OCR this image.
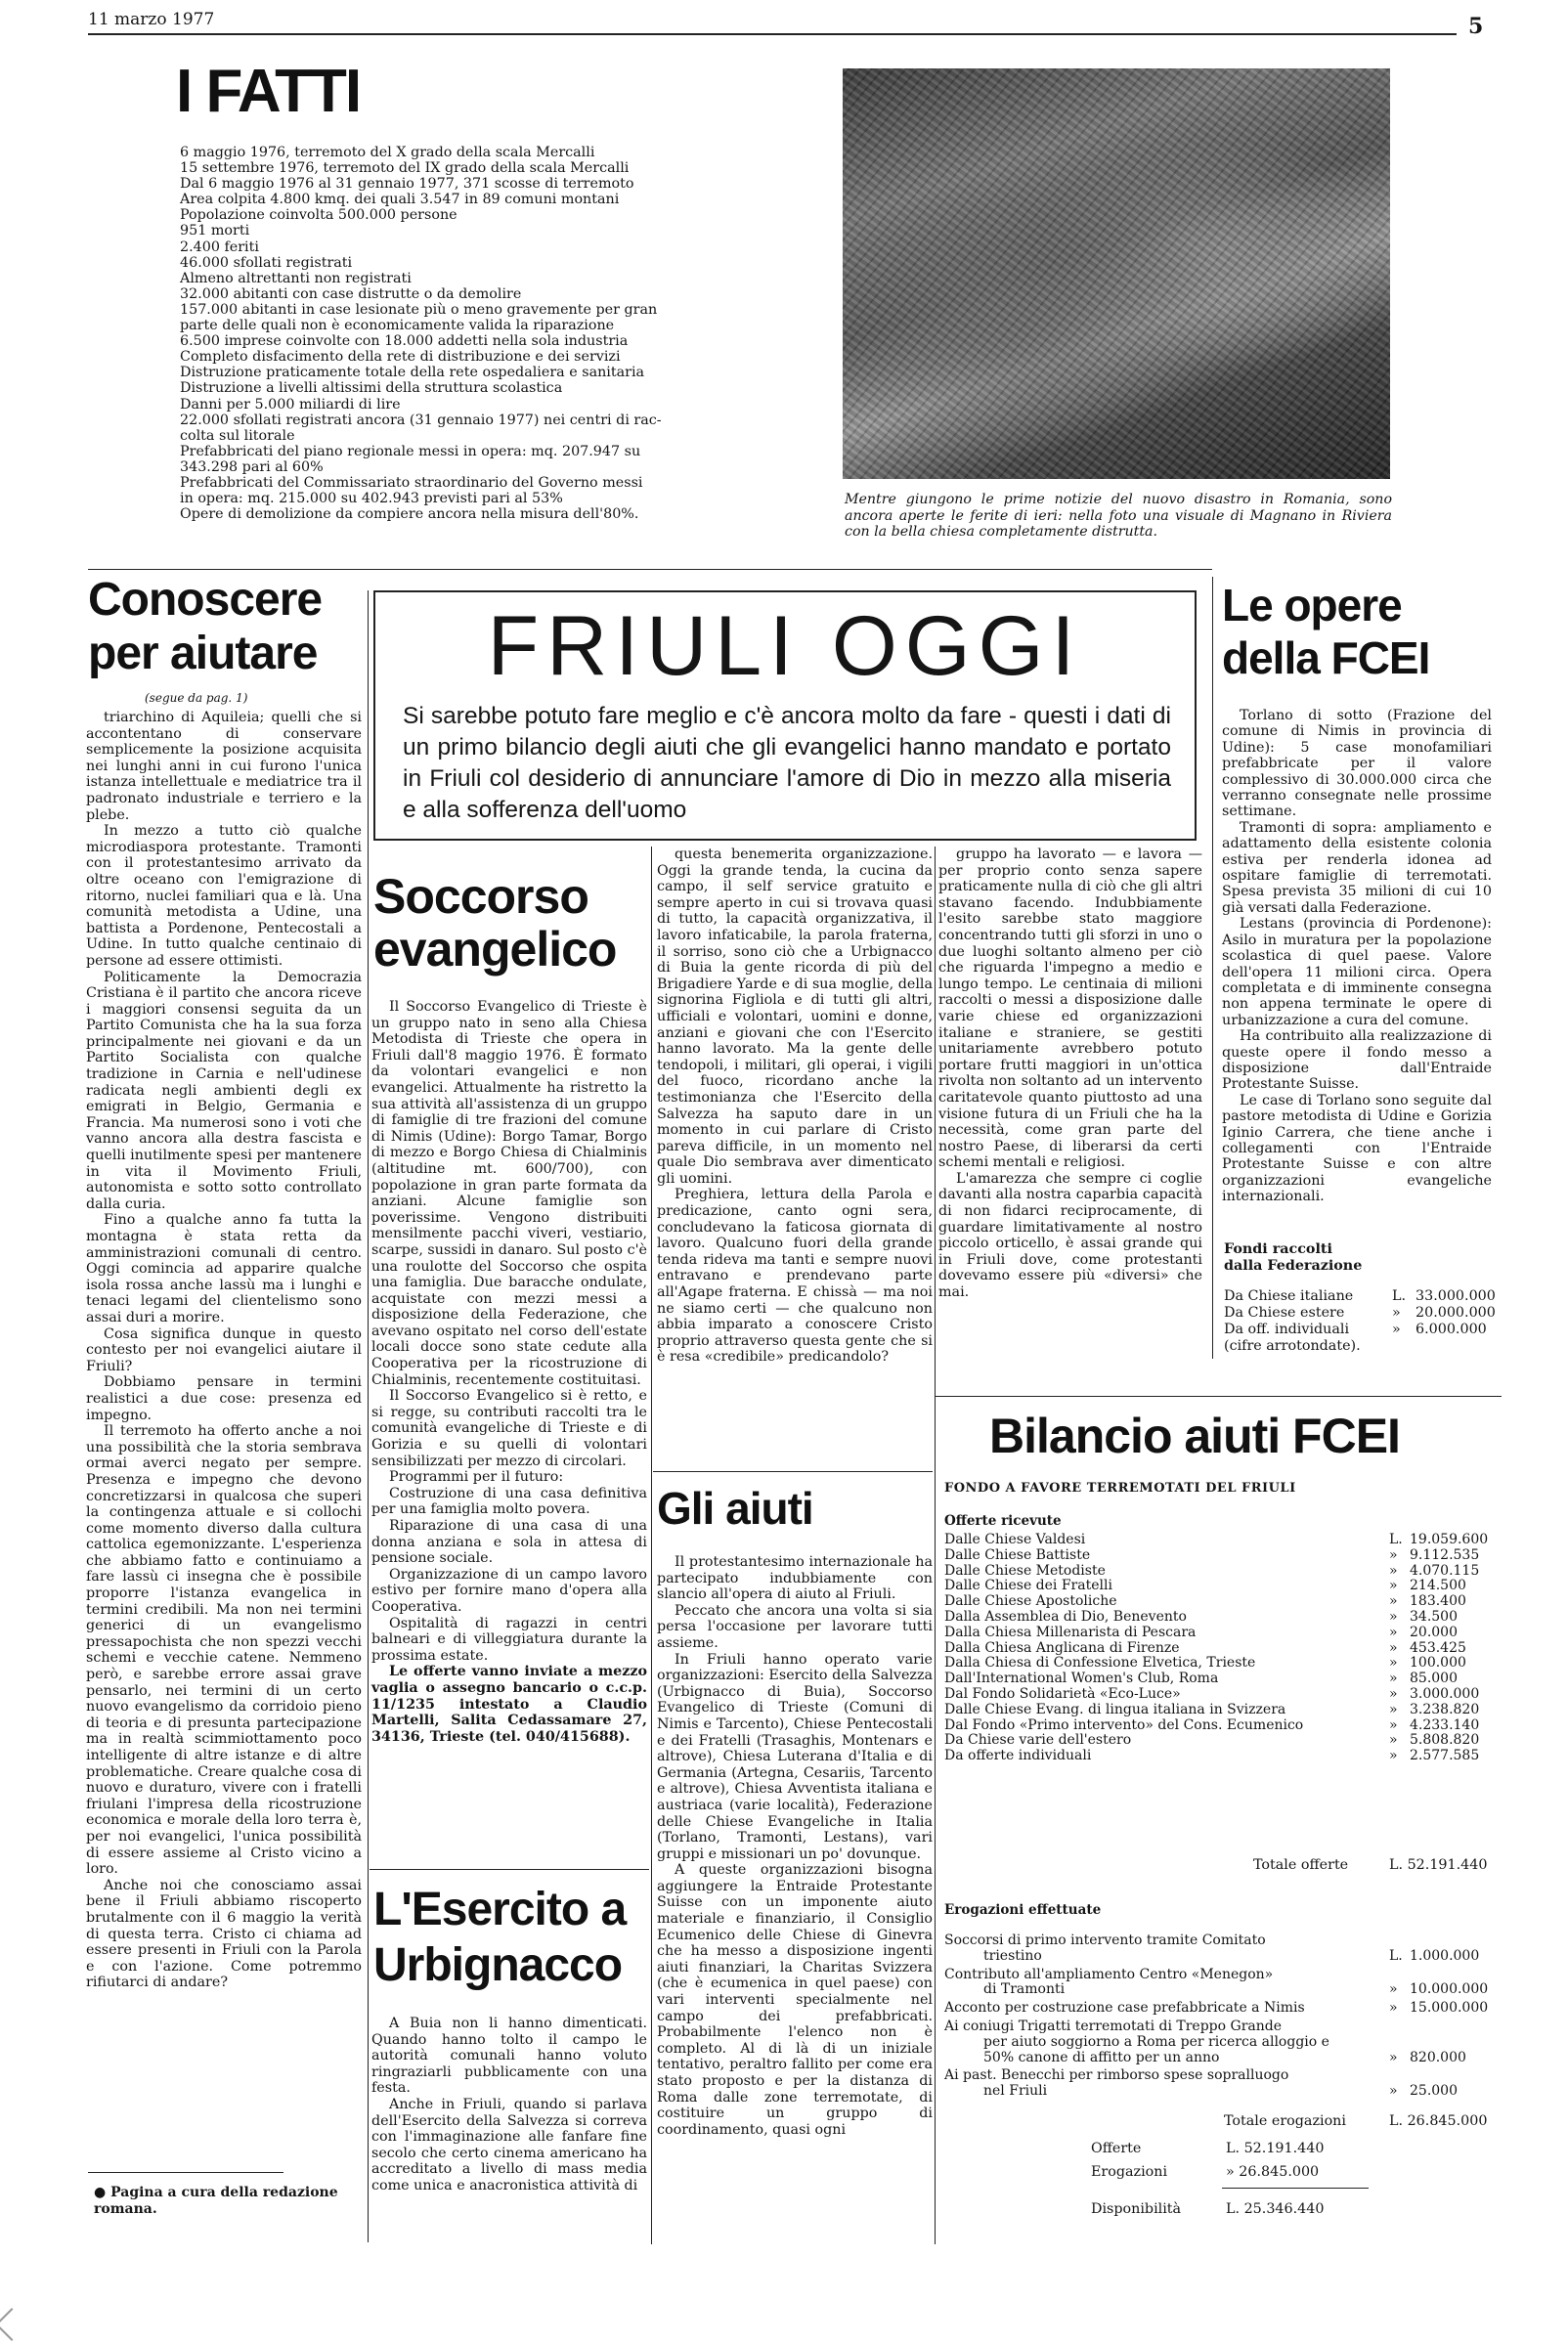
11 marzo 1977	5
I FATTI
6 maggio 1976, terremoto del X grado della scala Mercalli
15 settembre 1976, terremoto del IX grado della scala Mercalli
Dal 6 maggio 1976 al 31 gennaio 1977, 371 scosse di terremoto
Area colpita 4.800 kmq. dei quali 3.547 in 89 comuni montani
Popolazione coinvolta 500.000 persone
951 morti
2.400 feriti
46.000 sfollati registrati
Almeno altrettanti non registrati
32.000 abitanti con case distrutte o da demolire
157.000 abitanti in case lesionate più o meno gravemente per gran
parte delle quali non è economicamente valida la riparazione
6.500 imprese coinvolte con 18.000 addetti nella sola industria
Completo disfacimento della rete di distribuzione e dei servizi
Distruzione praticamente totale della rete ospedaliera e sanitaria
Distruzione a livelli altissimi della struttura scolastica
Danni per 5.000 miliardi di lire
22.000 sfollati registrati ancora (31 gennaio 1977) nei centri di rac-
colta sul litorale
Prefabbricati del piano regionale messi in opera: mq. 207.947 su
343.298 pari al 60%
Prefabbricati del Commissariato straordinario del Governo messi
in opera: mq. 215.000 su 402.943 previsti pari al 53%
Opere di demolizione da compiere ancora nella misura dell'80%.
Mentre giungono le prime notizie del nuovo disastro in Romania, sono ancora aperte le ferite di ieri: nella foto una visuale di Magnano in Riviera con la bella chiesa completamente distrutta.
Conoscere
per aiutare
(segue da pag. 1)

triarchino di Aquileia; quelli che si accontentano di conservare semplicemente la posizione acquisita nei lunghi anni in cui furono l'unica istanza intellettuale e mediatrice tra il padronato industriale e terriero e la plebe.

In mezzo a tutto ciò qualche microdiaspora protestante. Tramonti con il protestantesimo arrivato da oltre oceano con l'emigrazione di ritorno, nuclei familiari qua e là. Una comunità metodista a Udine, una battista a Pordenone, Pentecostali a Udine. In tutto qualche centinaio di persone ad essere ottimisti.

Politicamente la Democrazia Cristiana è il partito che ancora riceve i maggiori consensi seguita da un Partito Comunista che ha la sua forza principalmente nei giovani e da un Partito Socialista con qualche tradizione in Carnia e nell'udinese radicata negli ambienti degli ex emigrati in Belgio, Germania e Francia. Ma numerosi sono i voti che vanno ancora alla destra fascista e quelli inutilmente spesi per mantenere in vita il Movimento Friuli, autonomista e sotto sotto controllato dalla curia.

Fino a qualche anno fa tutta la montagna è stata retta da amministrazioni comunali di centro. Oggi comincia ad apparire qualche isola rossa anche lassù ma i lunghi e tenaci legami del clientelismo sono assai duri a morire.

Cosa significa dunque in questo contesto per noi evangelici aiutare il Friuli?

Dobbiamo pensare in termini realistici a due cose: presenza ed impegno.

Il terremoto ha offerto anche a noi una possibilità che la storia sembrava ormai averci negato per sempre. Presenza e impegno che devono concretizzarsi in qualcosa che superi la contingenza attuale e si collochi come momento diverso dalla cultura cattolica egemonizzante. L'esperienza che abbiamo fatto e continuiamo a fare lassù ci insegna che è possibile proporre l'istanza evangelica in termini credibili. Ma non nei termini generici di un evangelismo pressapochista che non spezzi vecchi schemi e vecchie catene. Nemmeno però, e sarebbe errore assai grave pensarlo, nei termini di un certo nuovo evangelismo da corridoio pieno di teoria e di presunta partecipazione ma in realtà scimmiottamento poco intelligente di altre istanze e di altre problematiche. Creare qualche cosa di nuovo e duraturo, vivere con i fratelli friulani l'impresa della ricostruzione economica e morale della loro terra è, per noi evangelici, l'unica possibilità di essere assieme al Cristo vicino a loro.

Anche noi che conosciamo assai bene il Friuli abbiamo riscoperto brutalmente con il 6 maggio la verità di questa terra. Cristo ci chiama ad essere presenti in Friuli con la Parola e con l'azione. Come potremmo rifiutarci di andare?

● Pagina a cura della redazione romana.
FRIULI OGGI
Si sarebbe potuto fare meglio e c'è ancora molto da fare - questi i dati di un primo bilancio degli aiuti che gli evangelici hanno mandato e portato in Friuli col desiderio di annunciare l'amore di Dio in mezzo alla miseria e alla sofferenza dell'uomo
Soccorso
evangelico

Il Soccorso Evangelico di Trieste è un gruppo nato in seno alla Chiesa Metodista di Trieste che opera in Friuli dall'8 maggio 1976. È formato da volontari evangelici e non evangelici. Attualmente ha ristretto la sua attività all'assistenza di un gruppo di famiglie di tre frazioni del comune di Nimis (Udine): Borgo Tamar, Borgo di mezzo e Borgo Chiesa di Chialminis (altitudine mt. 600/700), con popolazione in gran parte formata da anziani. Alcune famiglie son poverissime. Vengono distribuiti mensilmente pacchi viveri, vestiario, scarpe, sussidi in danaro. Sul posto c'è una roulotte del Soccorso che ospita una famiglia. Due baracche ondulate, acquistate con mezzi messi a disposizione della Federazione, che avevano ospitato nel corso dell'estate locali docce sono state cedute alla Cooperativa per la ricostruzione di Chialminis, recentemente costituitasi.

Il Soccorso Evangelico si è retto, e si regge, su contributi raccolti tra le comunità evangeliche di Trieste e di Gorizia e su quelli di volontari sensibilizzati per mezzo di circolari.

Programmi per il futuro:

Costruzione di una casa definitiva per una famiglia molto povera.

Riparazione di una casa di una donna anziana e sola in attesa di pensione sociale.

Organizzazione di un campo lavoro estivo per fornire mano d'opera alla Cooperativa.

Ospitalità di ragazzi in centri balneari e di villeggiatura durante la prossima estate.

Le offerte vanno inviate a mezzo vaglia o assegno bancario o c.c.p. 11/1235 intestato a Claudio Martelli, Salita Cedassamare 27, 34136, Trieste (tel. 040/415688).

L'Esercito a
Urbignacco

A Buia non li hanno dimenticati. Quando hanno tolto il campo le autorità comunali hanno voluto ringraziarli pubblicamente con una festa.

Anche in Friuli, quando si parlava dell'Esercito della Salvezza si correva con l'immaginazione alle fanfare fine secolo che certo cinema americano ha accreditato a livello di mass media come unica e anacronistica attività di

questa benemerita organizzazione. Oggi la grande tenda, la cucina da campo, il self service gratuito e sempre aperto in cui si trovava quasi di tutto, la capacità organizzativa, il lavoro infaticabile, la parola fraterna, il sorriso, sono ciò che a Urbignacco di Buia la gente ricorda di più del Brigadiere Yarde e di sua moglie, della signorina Figliola e di tutti gli altri, ufficiali e volontari, uomini e donne, anziani e giovani che con l'Esercito hanno lavorato. Ma la gente delle tendopoli, i militari, gli operai, i vigili del fuoco, ricordano anche la testimonianza che l'Esercito della Salvezza ha saputo dare in un momento in cui parlare di Cristo pareva difficile, in un momento nel quale Dio sembrava aver dimenticato gli uomini.

Preghiera, lettura della Parola e predicazione, canto ogni sera, concludevano la faticosa giornata di lavoro. Qualcuno fuori della grande tenda rideva ma tanti e sempre nuovi entravano e prendevano parte all'Agape fraterna. E chissà — ma noi ne siamo certi — che qualcuno non abbia imparato a conoscere Cristo proprio attraverso questa gente che si è resa «credibile» predicandolo?

Gli aiuti

Il protestantesimo internazionale ha partecipato indubbiamente con slancio all'opera di aiuto al Friuli.

Peccato che ancora una volta si sia persa l'occasione per lavorare tutti assieme.

In Friuli hanno operato varie organizzazioni: Esercito della Salvezza (Urbignacco di Buia), Soccorso Evangelico di Trieste (Comuni di Nimis e Tarcento), Chiese Pentecostali e dei Fratelli (Trasaghis, Montenars e altrove), Chiesa Luterana d'Italia e di Germania (Artegna, Cesariis, Tarcento e altrove), Chiesa Avventista italiana e austriaca (varie località), Federazione delle Chiese Evangeliche in Italia (Torlano, Tramonti, Lestans), vari gruppi e missionari un po' dovunque.

A queste organizzazioni bisogna aggiungere la Entraide Protestante Suisse con un imponente aiuto materiale e finanziario, il Consiglio Ecumenico delle Chiese di Ginevra che ha messo a disposizione ingenti aiuti finanziari, la Charitas Svizzera (che è ecumenica in quel paese) con vari interventi specialmente nel campo dei prefabbricati. Probabilmente l'elenco non è completo. Al di là di un iniziale tentativo, peraltro fallito per come era stato proposto e per la distanza di Roma dalle zone terremotate, di costituire un gruppo di coordinamento, quasi ogni

gruppo ha lavorato — e lavora — per proprio conto senza sapere praticamente nulla di ciò che gli altri stavano facendo. Indubbiamente l'esito sarebbe stato maggiore concentrando tutti gli sforzi in uno o due luoghi soltanto almeno per ciò che riguarda l'impegno a medio e lungo tempo. Le centinaia di milioni raccolti o messi a disposizione dalle varie chiese ed organizzazioni italiane e straniere, se gestiti unitariamente avrebbero potuto portare frutti maggiori in un'ottica rivolta non soltanto ad un intervento caritatevole quanto piuttosto ad una visione futura di un Friuli che ha la necessità, come gran parte del nostro Paese, di liberarsi da certi schemi mentali e religiosi.

L'amarezza che sempre ci coglie davanti alla nostra caparbia capacità di non fidarci reciprocamente, di guardare limitativamente al nostro piccolo orticello, è assai grande qui in Friuli dove, come protestanti dovevamo essere più «diversi» che mai.

Le opere
della FCEI

Torlano di sotto (Frazione del comune di Nimis in provincia di Udine): 5 case monofamiliari prefabbricate per il valore complessivo di 30.000.000 circa che verranno consegnate nelle prossime settimane.

Tramonti di sopra: ampliamento e adattamento della esistente colonia estiva per renderla idonea ad ospitare famiglie di terremotati. Spesa prevista 35 milioni di cui 10 già versati dalla Federazione.

Lestans (provincia di Pordenone): Asilo in muratura per la popolazione scolastica di quel paese. Valore dell'opera 11 milioni circa. Opera completata e di imminente consegna non appena terminate le opere di urbanizzazione a cura del comune.

Ha contribuito alla realizzazione di queste opere il fondo messo a disposizione dall'Entraide Protestante Suisse.

Le case di Torlano sono seguite dal pastore metodista di Udine e Gorizia Iginio Carrera, che tiene anche i collegamenti con l'Entraide Protestante Suisse e con altre organizzazioni evangeliche internazionali.

Fondi raccolti
dalla Federazione
Da Chiese italiane	L. 33.000.000
Da Chiese estere	» 20.000.000
Da off. individuali	» 6.000.000
(cifre arrotondate).
Bilancio aiuti FCEI
FONDO A FAVORE TERREMOTATI DEL FRIULI
Offerte ricevute
Dalle Chiese Valdesi	L. 19.059.600
Dalle Chiese Battiste	» 9.112.535
Dalle Chiese Metodiste	» 4.070.115
Dalle Chiese dei Fratelli	» 214.500
Dalle Chiese Apostoliche	» 183.400
Dalla Assemblea di Dio, Benevento	» 34.500
Dalla Chiesa Millenarista di Pescara	» 20.000
Dalla Chiesa Anglicana di Firenze	» 453.425
Dalla Chiesa di Confessione Elvetica, Trieste	» 100.000
Dall'International Women's Club, Roma	» 85.000
Dal Fondo Solidarietà «Eco-Luce»	» 3.000.000
Dalle Chiese Evang. di lingua italiana in Svizzera	» 3.238.820
Dal Fondo «Primo intervento» del Cons. Ecumenico	» 4.233.140
Da Chiese varie dell'estero	» 5.808.820
Da offerte individuali	» 2.577.585
Totale offerte	L. 52.191.440
Erogazioni effettuate
Soccorsi di primo intervento tramite Comitato
triestino	L. 1.000.000
Contributo all'ampliamento Centro «Menegon»
di Tramonti	» 10.000.000
Acconto per costruzione case prefabbricate a Nimis	» 15.000.000
Ai coniugi Trigatti terremotati di Treppo Grande
per aiuto soggiorno a Roma per ricerca alloggio e 50% canone di affitto per un anno	» 820.000
Ai past. Benecchi per rimborso spese sopralluogo
nel Friuli	» 25.000
Totale erogazioni	L. 26.845.000
Offerte	L. 52.191.440
Erogazioni	» 26.845.000
Disponibilità	L. 25.346.440
